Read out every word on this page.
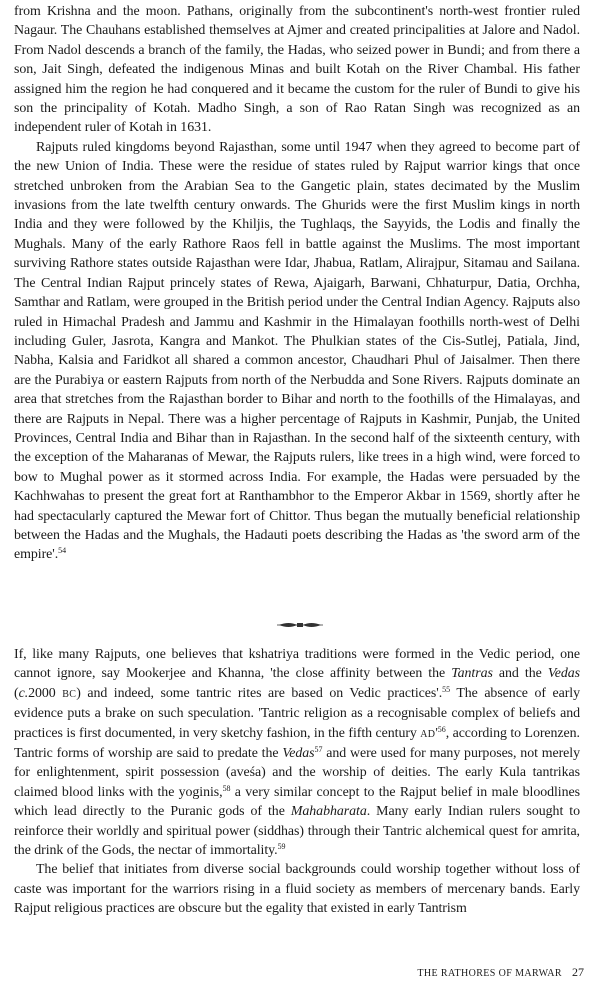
from Krishna and the moon. Pathans, originally from the subcontinent's north-west frontier ruled Nagaur. The Chauhans established themselves at Ajmer and created principalities at Jalore and Nadol. From Nadol descends a branch of the family, the Hadas, who seized power in Bundi; and from there a son, Jait Singh, defeated the indigenous Minas and built Kotah on the River Chambal. His father assigned him the region he had conquered and it became the custom for the ruler of Bundi to give his son the principality of Kotah. Madho Singh, a son of Rao Ratan Singh was recognized as an independent ruler of Kotah in 1631.

Rajputs ruled kingdoms beyond Rajasthan, some until 1947 when they agreed to become part of the new Union of India. These were the residue of states ruled by Rajput warrior kings that once stretched unbroken from the Arabian Sea to the Gangetic plain, states decimated by the Muslim invasions from the late twelfth century onwards. The Ghurids were the first Muslim kings in north India and they were followed by the Khiljis, the Tughlaqs, the Sayyids, the Lodis and finally the Mughals. Many of the early Rathore Raos fell in battle against the Muslims. The most important surviving Rathore states outside Rajasthan were Idar, Jhabua, Ratlam, Alirajpur, Sitamau and Sailana. The Central Indian Rajput princely states of Rewa, Ajaigarh, Barwani, Chhaturpur, Datia, Orchha, Samthar and Ratlam, were grouped in the British period under the Central Indian Agency. Rajputs also ruled in Himachal Pradesh and Jammu and Kashmir in the Himalayan foothills north-west of Delhi including Guler, Jasrota, Kangra and Mankot. The Phulkian states of the Cis-Sutlej, Patiala, Jind, Nabha, Kalsia and Faridkot all shared a common ancestor, Chaudhari Phul of Jaisalmer. Then there are the Purabiya or eastern Rajputs from north of the Nerbudda and Sone Rivers. Rajputs dominate an area that stretches from the Rajasthan border to Bihar and north to the foothills of the Himalayas, and there are Rajputs in Nepal. There was a higher percentage of Rajputs in Kashmir, Punjab, the United Provinces, Central India and Bihar than in Rajasthan. In the second half of the sixteenth century, with the exception of the Maharanas of Mewar, the Rajputs rulers, like trees in a high wind, were forced to bow to Mughal power as it stormed across India. For example, the Hadas were persuaded by the Kachhwahas to present the great fort at Ranthambhor to the Emperor Akbar in 1569, shortly after he had spectacularly captured the Mewar fort of Chittor. Thus began the mutually beneficial relationship between the Hadas and the Mughals, the Hadauti poets describing the Hadas as 'the sword arm of the empire'.$^{54}$

If, like many Rajputs, one believes that kshatriya traditions were formed in the Vedic period, one cannot ignore, say Mookerjee and Khanna, 'the close affinity between the Tantras and the Vedas (c.2000 BC) and indeed, some tantric rites are based on Vedic practices'.$^{55}$ The absence of early evidence puts a brake on such speculation. 'Tantric religion as a recognisable complex of beliefs and practices is first documented, in very sketchy fashion, in the fifth century $AD'^{56}$, according to Lorenzen. Tantric forms of worship are said to predate the Vedas$^{57}$ and were used for many purposes, not merely for enlightenment, spirit possession (aveśa) and the worship of deities. The early Kula tantrikas claimed blood links with the yoginis,$^{58}$ a very similar concept to the Rajput belief in male bloodlines which lead directly to the Puranic gods of the Mahabharata. Many early Indian rulers sought to reinforce their worldly and spiritual power (siddhas) through their Tantric alchemical quest for amrita, the drink of the Gods, the nectar of immortality.$^{59}$

The belief that initiates from diverse social backgrounds could worship together without loss of caste was important for the warriors rising in a fluid society as members of mercenary bands. Early Rajput religious practices are obscure but the egality that existed in early Tantrism

THE RATHORES OF MARWAR 27
